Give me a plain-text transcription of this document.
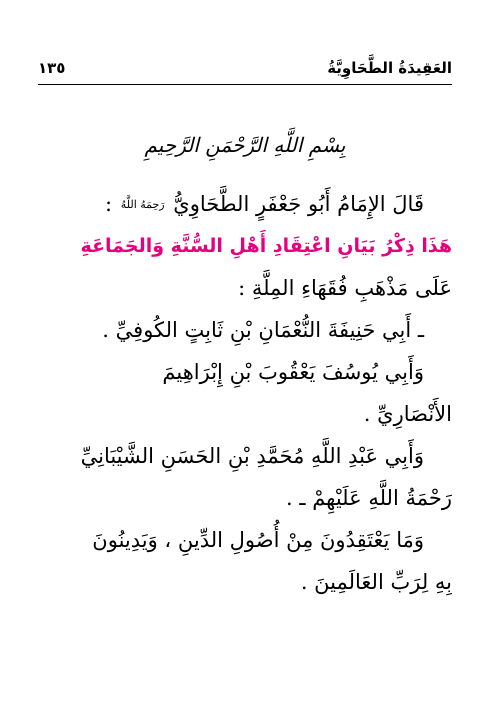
العَقِيدَةُ الطَّحَاوِيَّةُ
١٣٥
بِسْمِ اللَّهِ الرَّحْمَنِ الرَّحِيمِ
قَالَ الإِمَامُ أَبُو جَعْفَرٍ الطَّحَاوِيُّ رَحِمَهُ اللَّهُ :
هَذَا ذِكْرُ بَيَانِ اعْتِقَادِ أَهْلِ السُّنَّةِ وَالجَمَاعَةِ
عَلَى مَذْهَبِ فُقَهَاءِ المِلَّةِ :
ـ أَبِي حَنِيفَةَ النُّعْمَانِ بْنِ ثَابِتٍ الكُوفِيِّ .
وَأَبِي يُوسُفَ يَعْقُوبَ بْنِ إِبْرَاهِيمَ
الأَنْصَارِيِّ .
وَأَبِي عَبْدِ اللَّهِ مُحَمَّدِ بْنِ الحَسَنِ الشَّيْبَانِيِّ
رَحْمَةُ اللَّهِ عَلَيْهِمْ ـ .
وَمَا يَعْتَقِدُونَ مِنْ أُصُولِ الدِّينِ ، وَيَدِينُونَ
بِهِ لِرَبِّ العَالَمِينَ .
